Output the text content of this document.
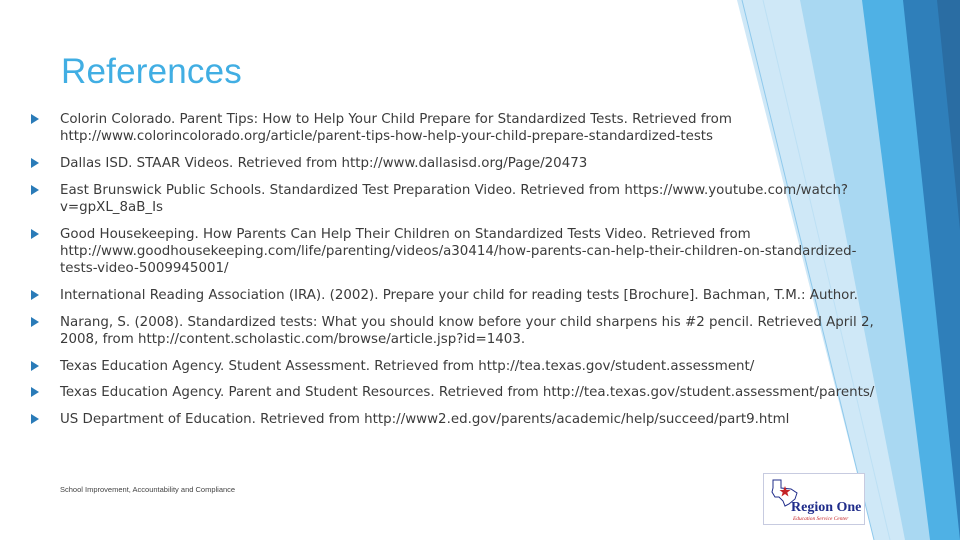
References
Colorin Colorado. Parent Tips: How to Help Your Child Prepare for Standardized Tests. Retrieved from http://www.colorincolorado.org/article/parent-tips-how-help-your-child-prepare-standardized-tests
Dallas ISD. STAAR Videos. Retrieved from http://www.dallasisd.org/Page/20473
East Brunswick Public Schools. Standardized Test Preparation Video. Retrieved from https://www.youtube.com/watch?v=gpXL_8aB_Is
Good Housekeeping. How Parents Can Help Their Children on Standardized Tests Video. Retrieved from http://www.goodhousekeeping.com/life/parenting/videos/a30414/how-parents-can-help-their-children-on-standardized-tests-video-5009945001/
International Reading Association (IRA). (2002). Prepare your child for reading tests [Brochure]. Bachman, T.M.: Author.
Narang, S. (2008). Standardized tests: What you should know before your child sharpens his #2 pencil. Retrieved April 2, 2008, from http://content.scholastic.com/browse/article.jsp?id=1403.
Texas Education Agency. Student Assessment. Retrieved from http://tea.texas.gov/student.assessment/
Texas Education Agency. Parent and Student Resources. Retrieved from http://tea.texas.gov/student.assessment/parents/
US Department of Education. Retrieved from http://www2.ed.gov/parents/academic/help/succeed/part9.html
School Improvement, Accountability and Compliance
Region One
Education Service Center
